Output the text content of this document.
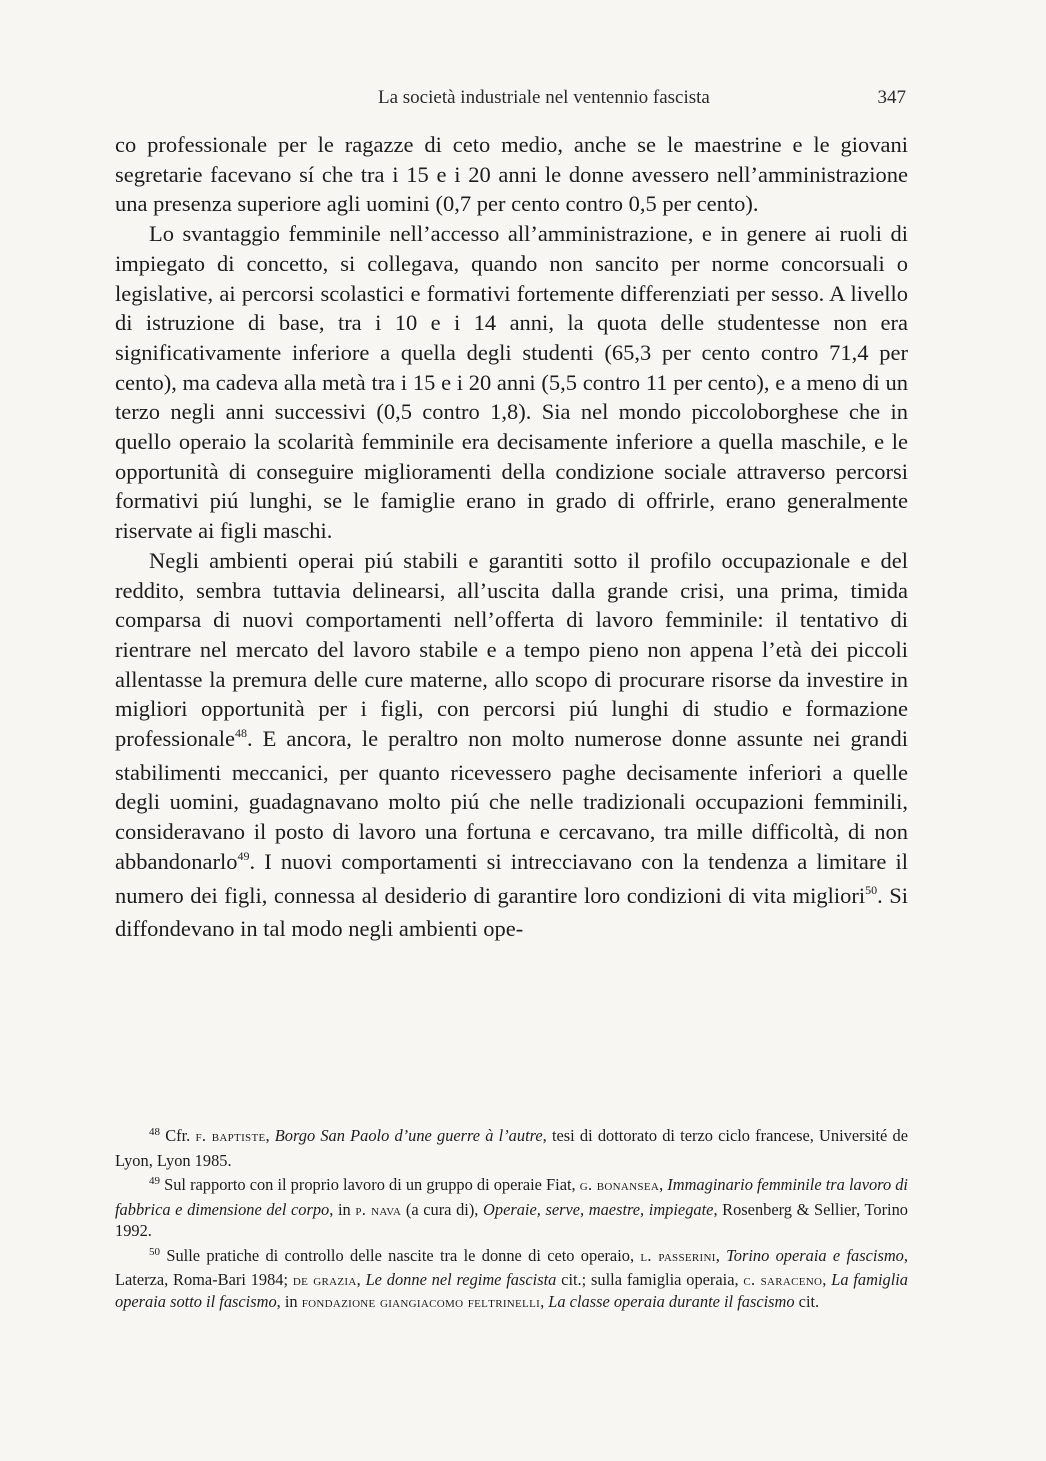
La società industriale nel ventennio fascista	347

co professionale per le ragazze di ceto medio, anche se le maestrine e le giovani segretarie facevano sí che tra i 15 e i 20 anni le donne avessero nell’amministrazione una presenza superiore agli uomini (0,7 per cento contro 0,5 per cento).

Lo svantaggio femminile nell’accesso all’amministrazione, e in genere ai ruoli di impiegato di concetto, si collegava, quando non sancito per norme concorsuali o legislative, ai percorsi scolastici e formativi fortemente differenziati per sesso. A livello di istruzione di base, tra i 10 e i 14 anni, la quota delle studentesse non era significativamente inferiore a quella degli studenti (65,3 per cento contro 71,4 per cento), ma cadeva alla metà tra i 15 e i 20 anni (5,5 contro 11 per cento), e a meno di un terzo negli anni successivi (0,5 contro 1,8). Sia nel mondo piccoloborghese che in quello operaio la scolarità femminile era decisamente inferiore a quella maschile, e le opportunità di conseguire miglioramenti della condizione sociale attraverso percorsi formativi piú lunghi, se le famiglie erano in grado di offrirle, erano generalmente riservate ai figli maschi.

Negli ambienti operai piú stabili e garantiti sotto il profilo occupazionale e del reddito, sembra tuttavia delinearsi, all’uscita dalla grande crisi, una prima, timida comparsa di nuovi comportamenti nell’offerta di lavoro femminile: il tentativo di rientrare nel mercato del lavoro stabile e a tempo pieno non appena l’età dei piccoli allentasse la premura delle cure materne, allo scopo di procurare risorse da investire in migliori opportunità per i figli, con percorsi piú lunghi di studio e formazione professionale$^{48}$. E ancora, le peraltro non molto numerose donne assunte nei grandi stabilimenti meccanici, per quanto ricevessero paghe decisamente inferiori a quelle degli uomini, guadagnavano molto piú che nelle tradizionali occupazioni femminili, consideravano il posto di lavoro una fortuna e cercavano, tra mille difficoltà, di non abbandonarlo$^{49}$. I nuovi comportamenti si intrecciavano con la tendenza a limitare il numero dei figli, connessa al desiderio di garantire loro condizioni di vita migliori$^{50}$. Si diffondevano in tal modo negli ambienti ope-

$^{48}$ Cfr. f. baptiste, Borgo San Paolo d’une guerre à l’autre, tesi di dottorato di terzo ciclo francese, Université de Lyon, Lyon 1985.

$^{49}$ Sul rapporto con il proprio lavoro di un gruppo di operaie Fiat, g. bonansea, Immaginario femminile tra lavoro di fabbrica e dimensione del corpo, in p. nava (a cura di), Operaie, serve, maestre, impiegate, Rosenberg & Sellier, Torino 1992.

$^{50}$ Sulle pratiche di controllo delle nascite tra le donne di ceto operaio, l. passerini, Torino operaia e fascismo, Laterza, Roma-Bari 1984; de grazia, Le donne nel regime fascista cit.; sulla famiglia operaia, c. saraceno, La famiglia operaia sotto il fascismo, in fondazione giangiacomo feltrinelli, La classe operaia durante il fascismo cit.
